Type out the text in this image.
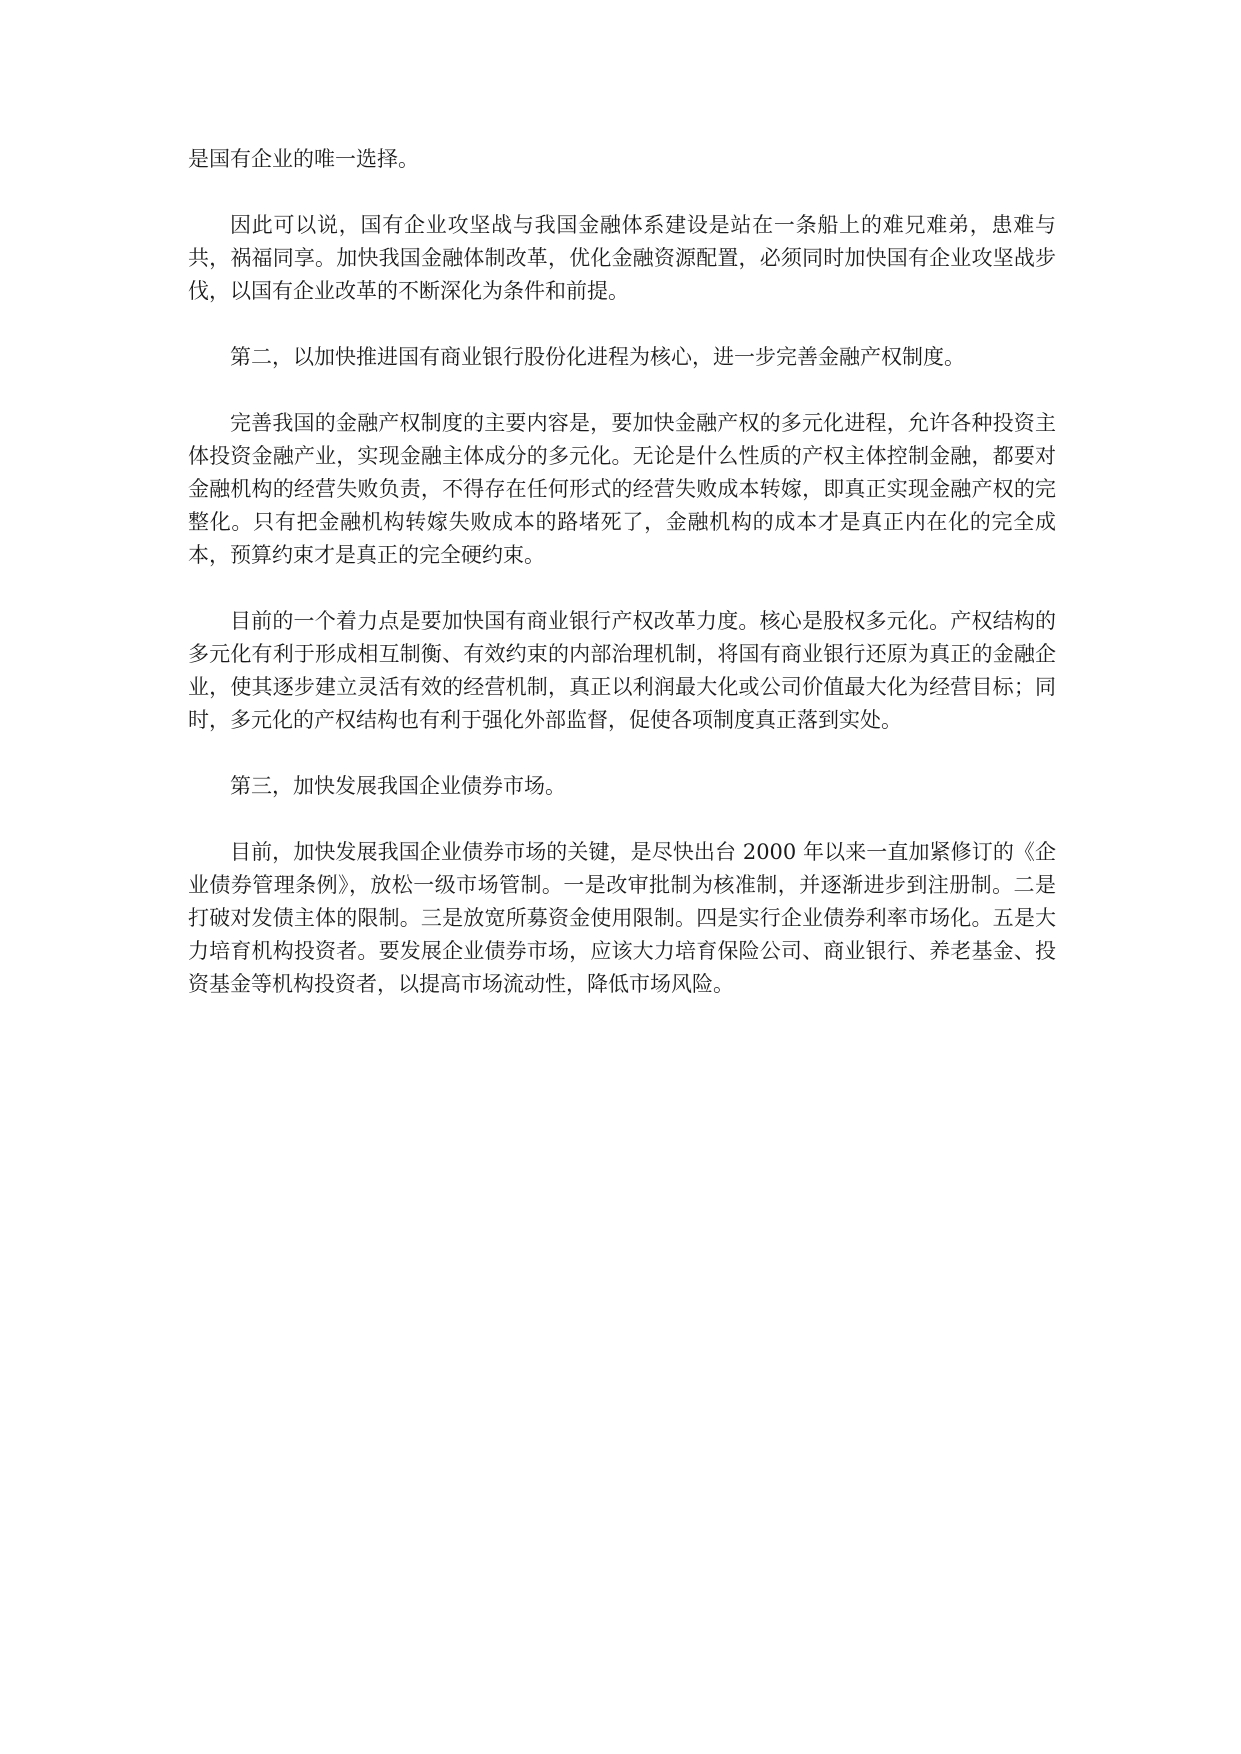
是国有企业的唯一选择。

因此可以说，国有企业攻坚战与我国金融体系建设是站在一条船上的难兄难弟，患难与共，祸福同享。加快我国金融体制改革，优化金融资源配置，必须同时加快国有企业攻坚战步伐，以国有企业改革的不断深化为条件和前提。

第二，以加快推进国有商业银行股份化进程为核心，进一步完善金融产权制度。

完善我国的金融产权制度的主要内容是，要加快金融产权的多元化进程，允许各种投资主体投资金融产业，实现金融主体成分的多元化。无论是什么性质的产权主体控制金融，都要对金融机构的经营失败负责，不得存在任何形式的经营失败成本转嫁，即真正实现金融产权的完整化。只有把金融机构转嫁失败成本的路堵死了，金融机构的成本才是真正内在化的完全成本，预算约束才是真正的完全硬约束。

目前的一个着力点是要加快国有商业银行产权改革力度。核心是股权多元化。产权结构的多元化有利于形成相互制衡、有效约束的内部治理机制，将国有商业银行还原为真正的金融企业，使其逐步建立灵活有效的经营机制，真正以利润最大化或公司价值最大化为经营目标；同时，多元化的产权结构也有利于强化外部监督，促使各项制度真正落到实处。

第三，加快发展我国企业债券市场。

目前，加快发展我国企业债券市场的关键，是尽快出台 2000 年以来一直加紧修订的《企业债券管理条例》，放松一级市场管制。一是改审批制为核准制，并逐渐进步到注册制。二是打破对发债主体的限制。三是放宽所募资金使用限制。四是实行企业债券利率市场化。五是大力培育机构投资者。要发展企业债券市场，应该大力培育保险公司、商业银行、养老基金、投资基金等机构投资者，以提高市场流动性，降低市场风险。
